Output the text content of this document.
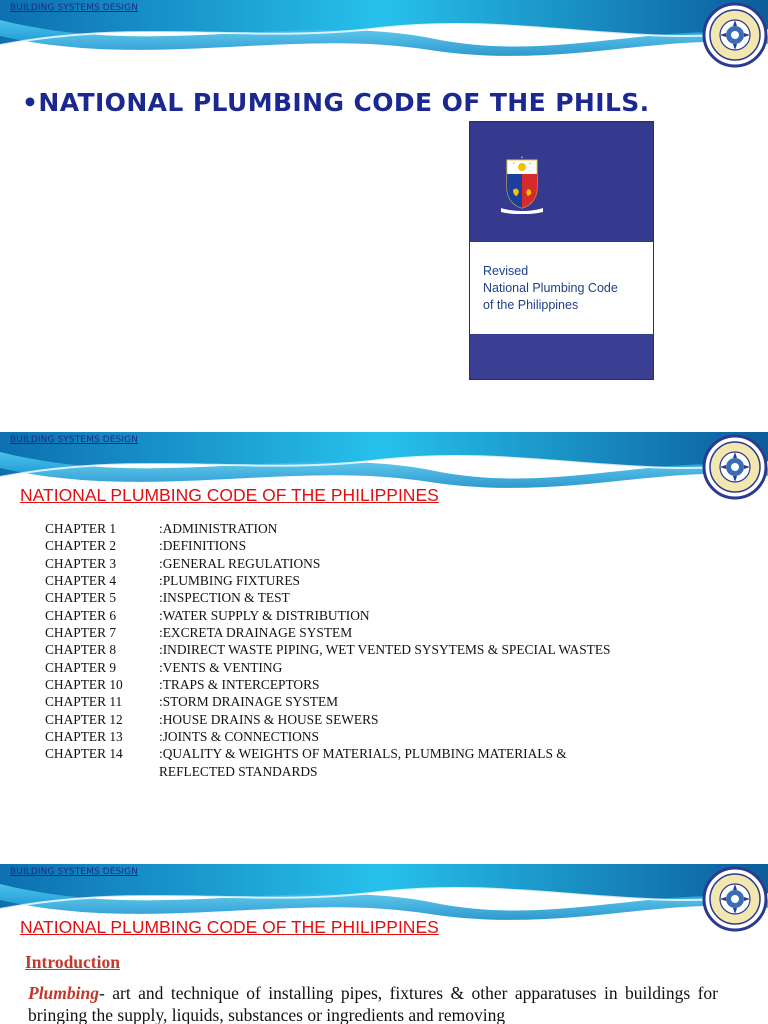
BUILDING SYSTEMS DESIGN
•NATIONAL PLUMBING CODE OF THE PHILS.
Revised
National Plumbing Code
of the Philippines
BUILDING SYSTEMS DESIGN
NATIONAL PLUMBING CODE OF THE PHILIPPINES
CHAPTER 1	:ADMINISTRATION
CHAPTER 2	:DEFINITIONS
CHAPTER 3	:GENERAL REGULATIONS
CHAPTER 4	:PLUMBING FIXTURES
CHAPTER 5	:INSPECTION & TEST
CHAPTER 6	:WATER SUPPLY & DISTRIBUTION
CHAPTER 7	:EXCRETA DRAINAGE SYSTEM
CHAPTER 8	:INDIRECT WASTE PIPING, WET VENTED SYSYTEMS & SPECIAL WASTES
CHAPTER 9	:VENTS & VENTING
CHAPTER 10	:TRAPS & INTERCEPTORS
CHAPTER 11	:STORM DRAINAGE SYSTEM
CHAPTER 12	:HOUSE DRAINS & HOUSE SEWERS
CHAPTER 13	:JOINTS & CONNECTIONS
CHAPTER 14	:QUALITY & WEIGHTS OF MATERIALS, PLUMBING MATERIALS & REFLECTED STANDARDS
BUILDING SYSTEMS DESIGN
NATIONAL PLUMBING CODE OF THE PHILIPPINES
Introduction
Plumbing- art and technique of installing pipes, fixtures & other apparatuses in buildings for bringing the supply, liquids, substances or ingredients and removing
